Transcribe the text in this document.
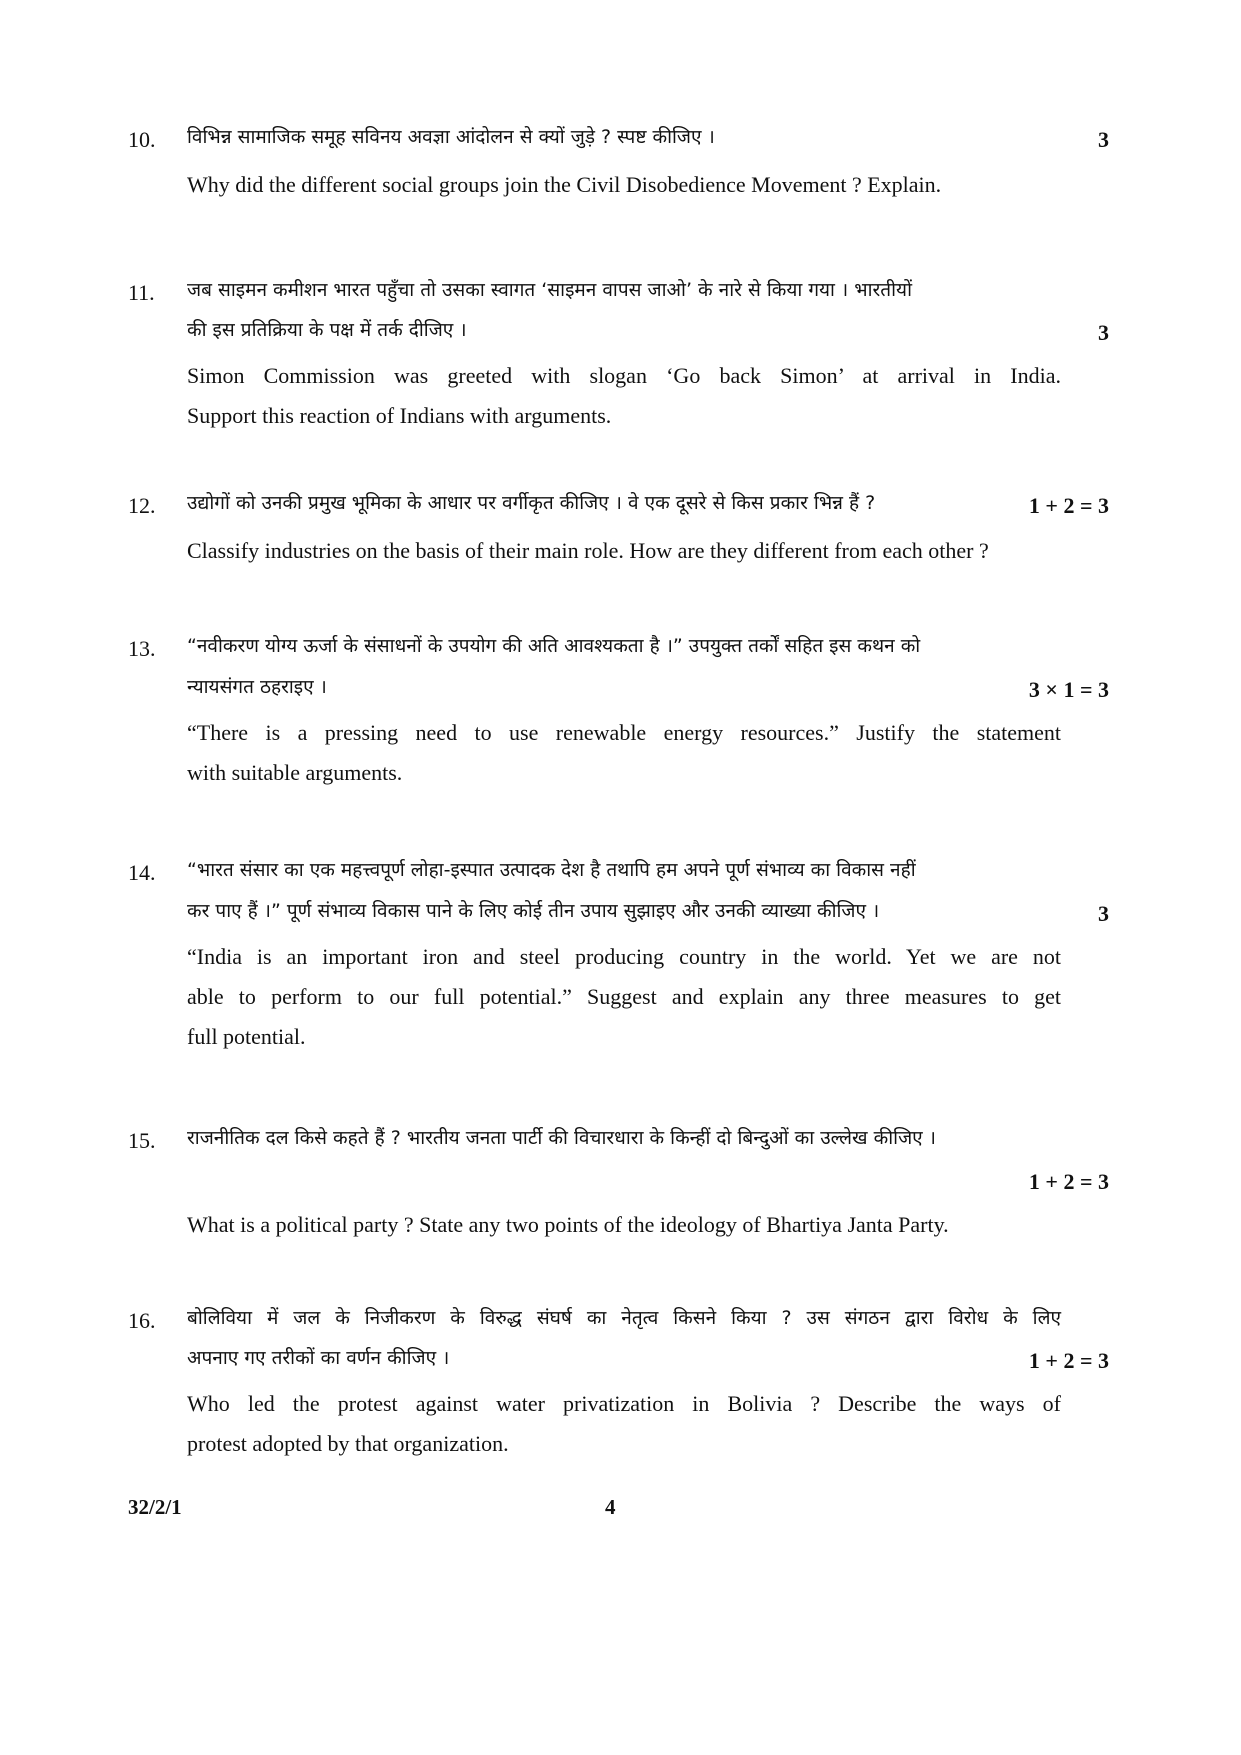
10. विभिन्न सामाजिक समूह सविनय अवज्ञा आंदोलन से क्यों जुड़े ? स्पष्ट कीजिए ।	3
Why did the different social groups join the Civil Disobedience Movement ? Explain.
11. जब साइमन कमीशन भारत पहुँचा तो उसका स्वागत ‘साइमन वापस जाओ’ के नारे से किया गया । भारतीयों
की इस प्रतिक्रिया के पक्ष में तर्क दीजिए ।	3
Simon Commission was greeted with slogan ‘Go back Simon’ at arrival in India.
Support this reaction of Indians with arguments.
12. उद्योगों को उनकी प्रमुख भूमिका के आधार पर वर्गीकृत कीजिए । वे एक दूसरे से किस प्रकार भिन्न हैं ?	1 + 2 = 3
Classify industries on the basis of their main role. How are they different from each other ?
13. “नवीकरण योग्य ऊर्जा के संसाधनों के उपयोग की अति आवश्यकता है ।” उपयुक्त तर्कों सहित इस कथन को
न्यायसंगत ठहराइए ।	3 × 1 = 3
“There is a pressing need to use renewable energy resources.” Justify the statement
with suitable arguments.
14. “भारत संसार का एक महत्त्वपूर्ण लोहा-इस्पात उत्पादक देश है तथापि हम अपने पूर्ण संभाव्य का विकास नहीं
कर पाए हैं ।” पूर्ण संभाव्य विकास पाने के लिए कोई तीन उपाय सुझाइए और उनकी व्याख्या कीजिए ।	3
“India is an important iron and steel producing country in the world. Yet we are not
able to perform to our full potential.” Suggest and explain any three measures to get
full potential.
15. राजनीतिक दल किसे कहते हैं ? भारतीय जनता पार्टी की विचारधारा के किन्हीं दो बिन्दुओं का उल्लेख कीजिए ।
1 + 2 = 3
What is a political party ? State any two points of the ideology of Bhartiya Janta Party.
16. बोलिविया में जल के निजीकरण के विरुद्ध संघर्ष का नेतृत्व किसने किया ? उस संगठन द्वारा विरोध के लिए
अपनाए गए तरीकों का वर्णन कीजिए ।	1 + 2 = 3
Who led the protest against water privatization in Bolivia ? Describe the ways of
protest adopted by that organization.
32/2/1	4
